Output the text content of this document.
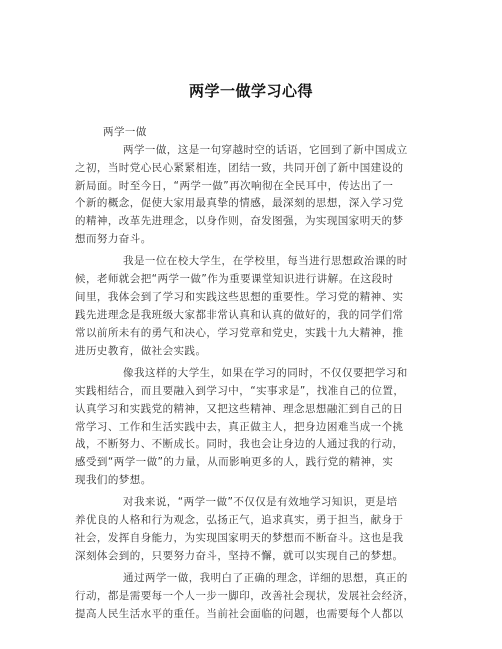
两学一做学习心得
两学一做
两学一做，这是一句穿越时空的话语，它回到了新中国成立
之初，当时党心民心紧紧相连，团结一致，共同开创了新中国建设的
新局面。时至今日，“两学一做”再次响彻在全民耳中，传达出了一
个新的概念，促使大家用最真挚的情感，最深刻的思想，深入学习党
的精神，改革先进理念，以身作则，奋发图强，为实现国家明天的梦
想而努力奋斗。
我是一位在校大学生，在学校里，每当进行思想政治课的时
候，老师就会把“两学一做”作为重要课堂知识进行讲解。在这段时
间里，我体会到了学习和实践这些思想的重要性。学习党的精神、实
践先进理念是我班级大家都非常认真和认真的做好的，我的同学们常
常以前所未有的勇气和决心，学习党章和党史，实践十九大精神，推
进历史教育，做社会实践。
像我这样的大学生，如果在学习的同时，不仅仅要把学习和
实践相结合，而且要融入到学习中，“实事求是”，找准自己的位置，
认真学习和实践党的精神，又把这些精神、理念思想融汇到自己的日
常学习、工作和生活实践中去，真正做主人，把身边困难当成一个挑
战，不断努力、不断成长。同时，我也会让身边的人通过我的行动，
感受到“两学一做”的力量，从而影响更多的人，践行党的精神，实
现我们的梦想。
对我来说，“两学一做”不仅仅是有效地学习知识，更是培
养优良的人格和行为观念，弘扬正气，追求真实，勇于担当，献身于
社会，发挥自身能力，为实现国家明天的梦想而不断奋斗。这也是我
深刻体会到的，只要努力奋斗，坚持不懈，就可以实现自己的梦想。
通过两学一做，我明白了正确的理念，详细的思想，真正的
行动，都是需要每一个人一步一脚印，改善社会现状，发展社会经济，
提高人民生活水平的重任。当前社会面临的问题，也需要每个人都以
